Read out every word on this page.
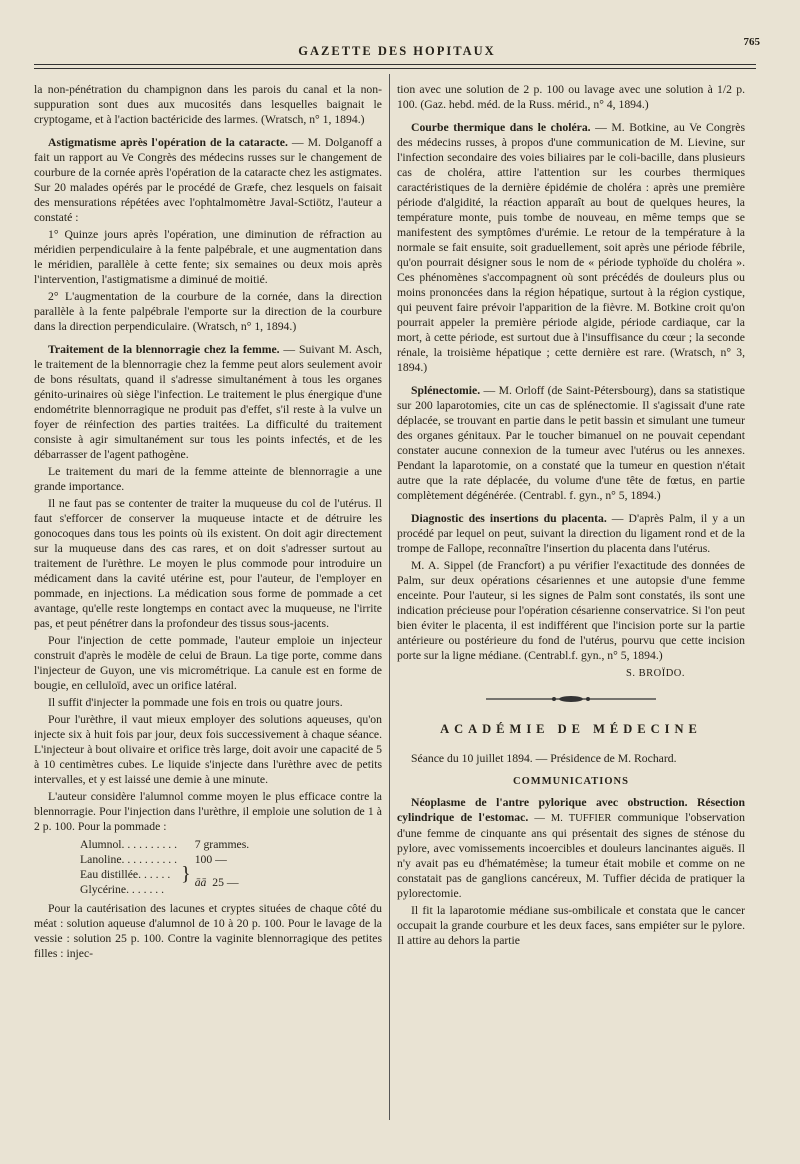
GAZETTE DES HOPITAUX
765

la non-pénétration du champignon dans les parois du canal et la non-suppuration sont dues aux mucosités dans lesquelles baignait le cryptogame, et à l'action bactéricide des larmes. (Wratsch, n° 1, 1894.)

Astigmatisme après l'opération de la cataracte. — M. Dolganoff a fait un rapport au Ve Congrès des médecins russes sur le changement de courbure de la cornée après l'opération de la cataracte chez les astigmates. Sur 20 malades opérés par le procédé de Græfe, chez lesquels on faisait des mensurations répétées avec l'ophtalmomètre Javal-Sctiötz, l'auteur a constaté :

1° Quinze jours après l'opération, une diminution de réfraction au méridien perpendiculaire à la fente palpébrale, et une augmentation dans le méridien, parallèle à cette fente; six semaines ou deux mois après l'intervention, l'astigmatisme a diminué de moitié.

2° L'augmentation de la courbure de la cornée, dans la direction parallèle à la fente palpébrale l'emporte sur la direction de la courbure dans la direction perpendiculaire. (Wratsch, n° 1, 1894.)

Traitement de la blennorragie chez la femme. — Suivant M. Asch, le traitement de la blennorragie chez la femme peut alors seulement avoir de bons résultats, quand il s'adresse simultanément à tous les organes génito-urinaires où siège l'infection. Le traitement le plus énergique d'une endométrite blennorragique ne produit pas d'effet, s'il reste à la vulve un foyer de réinfection des parties traitées. La difficulté du traitement consiste à agir simultanément sur tous les points infectés, et de les débarrasser de l'agent pathogène.

Le traitement du mari de la femme atteinte de blennorragie a une grande importance.

Il ne faut pas se contenter de traiter la muqueuse du col de l'utérus. Il faut s'efforcer de conserver la muqueuse intacte et de détruire les gonocoques dans tous les points où ils existent. On doit agir directement sur la muqueuse dans des cas rares, et on doit s'adresser surtout au traitement de l'urèthre. Le moyen le plus commode pour introduire un médicament dans la cavité utérine est, pour l'auteur, de l'employer en pommade, en injections. La médication sous forme de pommade a cet avantage, qu'elle reste longtemps en contact avec la muqueuse, ne l'irrite pas, et peut pénétrer dans la profondeur des tissus sous-jacents.

Pour l'injection de cette pommade, l'auteur emploie un injecteur construit d'après le modèle de celui de Braun. La tige porte, comme dans l'injecteur de Guyon, une vis micrométrique. La canule est en forme de bougie, en celluloïd, avec un orifice latéral.

Il suffit d'injecter la pommade une fois en trois ou quatre jours.

Pour l'urèthre, il vaut mieux employer des solutions aqueuses, qu'on injecte six à huit fois par jour, deux fois successivement à chaque séance. L'injecteur à bout olivaire et orifice très large, doit avoir une capacité de 5 à 10 centimètres cubes. Le liquide s'injecte dans l'urèthre avec de petits intervalles, et y est laissé une demie à une minute.

L'auteur considère l'alumnol comme moyen le plus efficace contre la blennorragie. Pour l'injection dans l'urèthre, il emploie une solution de 1 à 2 p. 100. Pour la pommade :

Alumnol. . . . . . . . . .		7 grammes.
Lanoline. . . . . . . . . .		100 —
Eau distillée. . . . . .	}	āā 25 —
Glycérine. . . . . . .		

Pour la cautérisation des lacunes et cryptes situées de chaque côté du méat : solution aqueuse d'alumnol de 10 à 20 p. 100. Pour le lavage de la vessie : solution 25 p. 100. Contre la vaginite blennorragique des petites filles : injec-

tion avec une solution de 2 p. 100 ou lavage avec une solution à 1/2 p. 100. (Gaz. hebd. méd. de la Russ. mérid., n° 4, 1894.)

Courbe thermique dans le choléra. — M. Botkine, au Ve Congrès des médecins russes, à propos d'une communication de M. Lievine, sur l'infection secondaire des voies biliaires par le coli-bacille, dans plusieurs cas de choléra, attire l'attention sur les courbes thermiques caractéristiques de la dernière épidémie de choléra : après une première période d'algidité, la réaction apparaît au bout de quelques heures, la température monte, puis tombe de nouveau, en même temps que se manifestent des symptômes d'urémie. Le retour de la température à la normale se fait ensuite, soit graduellement, soit après une période fébrile, qu'on pourrait désigner sous le nom de « période typhoïde du choléra ». Ces phénomènes s'accompagnent où sont précédés de douleurs plus ou moins prononcées dans la région hépatique, surtout à la région cystique, qui peuvent faire prévoir l'apparition de la fièvre. M. Botkine croit qu'on pourrait appeler la première période algide, période cardiaque, car la mort, à cette période, est surtout due à l'insuffisance du cœur ; la seconde rénale, la troisième hépatique ; cette dernière est rare. (Wratsch, n° 3, 1894.)

Splénectomie. — M. Orloff (de Saint-Pétersbourg), dans sa statistique sur 200 laparotomies, cite un cas de splénectomie. Il s'agissait d'une rate déplacée, se trouvant en partie dans le petit bassin et simulant une tumeur des organes génitaux. Par le toucher bimanuel on ne pouvait cependant constater aucune connexion de la tumeur avec l'utérus ou les annexes. Pendant la laparotomie, on a constaté que la tumeur en question n'était autre que la rate déplacée, du volume d'une tête de fœtus, en partie complètement dégénérée. (Centrabl. f. gyn., n° 5, 1894.)

Diagnostic des insertions du placenta. — D'après Palm, il y a un procédé par lequel on peut, suivant la direction du ligament rond et de la trompe de Fallope, reconnaître l'insertion du placenta dans l'utérus.

M. A. Sippel (de Francfort) a pu vérifier l'exactitude des données de Palm, sur deux opérations césariennes et une autopsie d'une femme enceinte. Pour l'auteur, si les signes de Palm sont constatés, ils sont une indication précieuse pour l'opération césarienne conservatrice. Si l'on peut bien éviter le placenta, il est indifférent que l'incision porte sur la partie antérieure ou postérieure du fond de l'utérus, pourvu que cette incision porte sur la ligne médiane. (Centrabl.f. gyn., n° 5, 1894.)

S. BROÏDO.
ACADÉMIE DE MÉDECINE

Séance du 10 juillet 1894. — Présidence de M. Rochard.

COMMUNICATIONS

Néoplasme de l'antre pylorique avec obstruction. Résection cylindrique de l'estomac. — M. TUFFIER communique l'observation d'une femme de cinquante ans qui présentait des signes de sténose du pylore, avec vomissements incoercibles et douleurs lancinantes aiguës. Il n'y avait pas eu d'hématémèse; la tumeur était mobile et comme on ne constatait pas de ganglions cancéreux, M. Tuffier décida de pratiquer la pylorectomie.

Il fit la laparotomie médiane sus-ombilicale et constata que le cancer occupait la grande courbure et les deux faces, sans empiéter sur le pylore. Il attire au dehors la partie
